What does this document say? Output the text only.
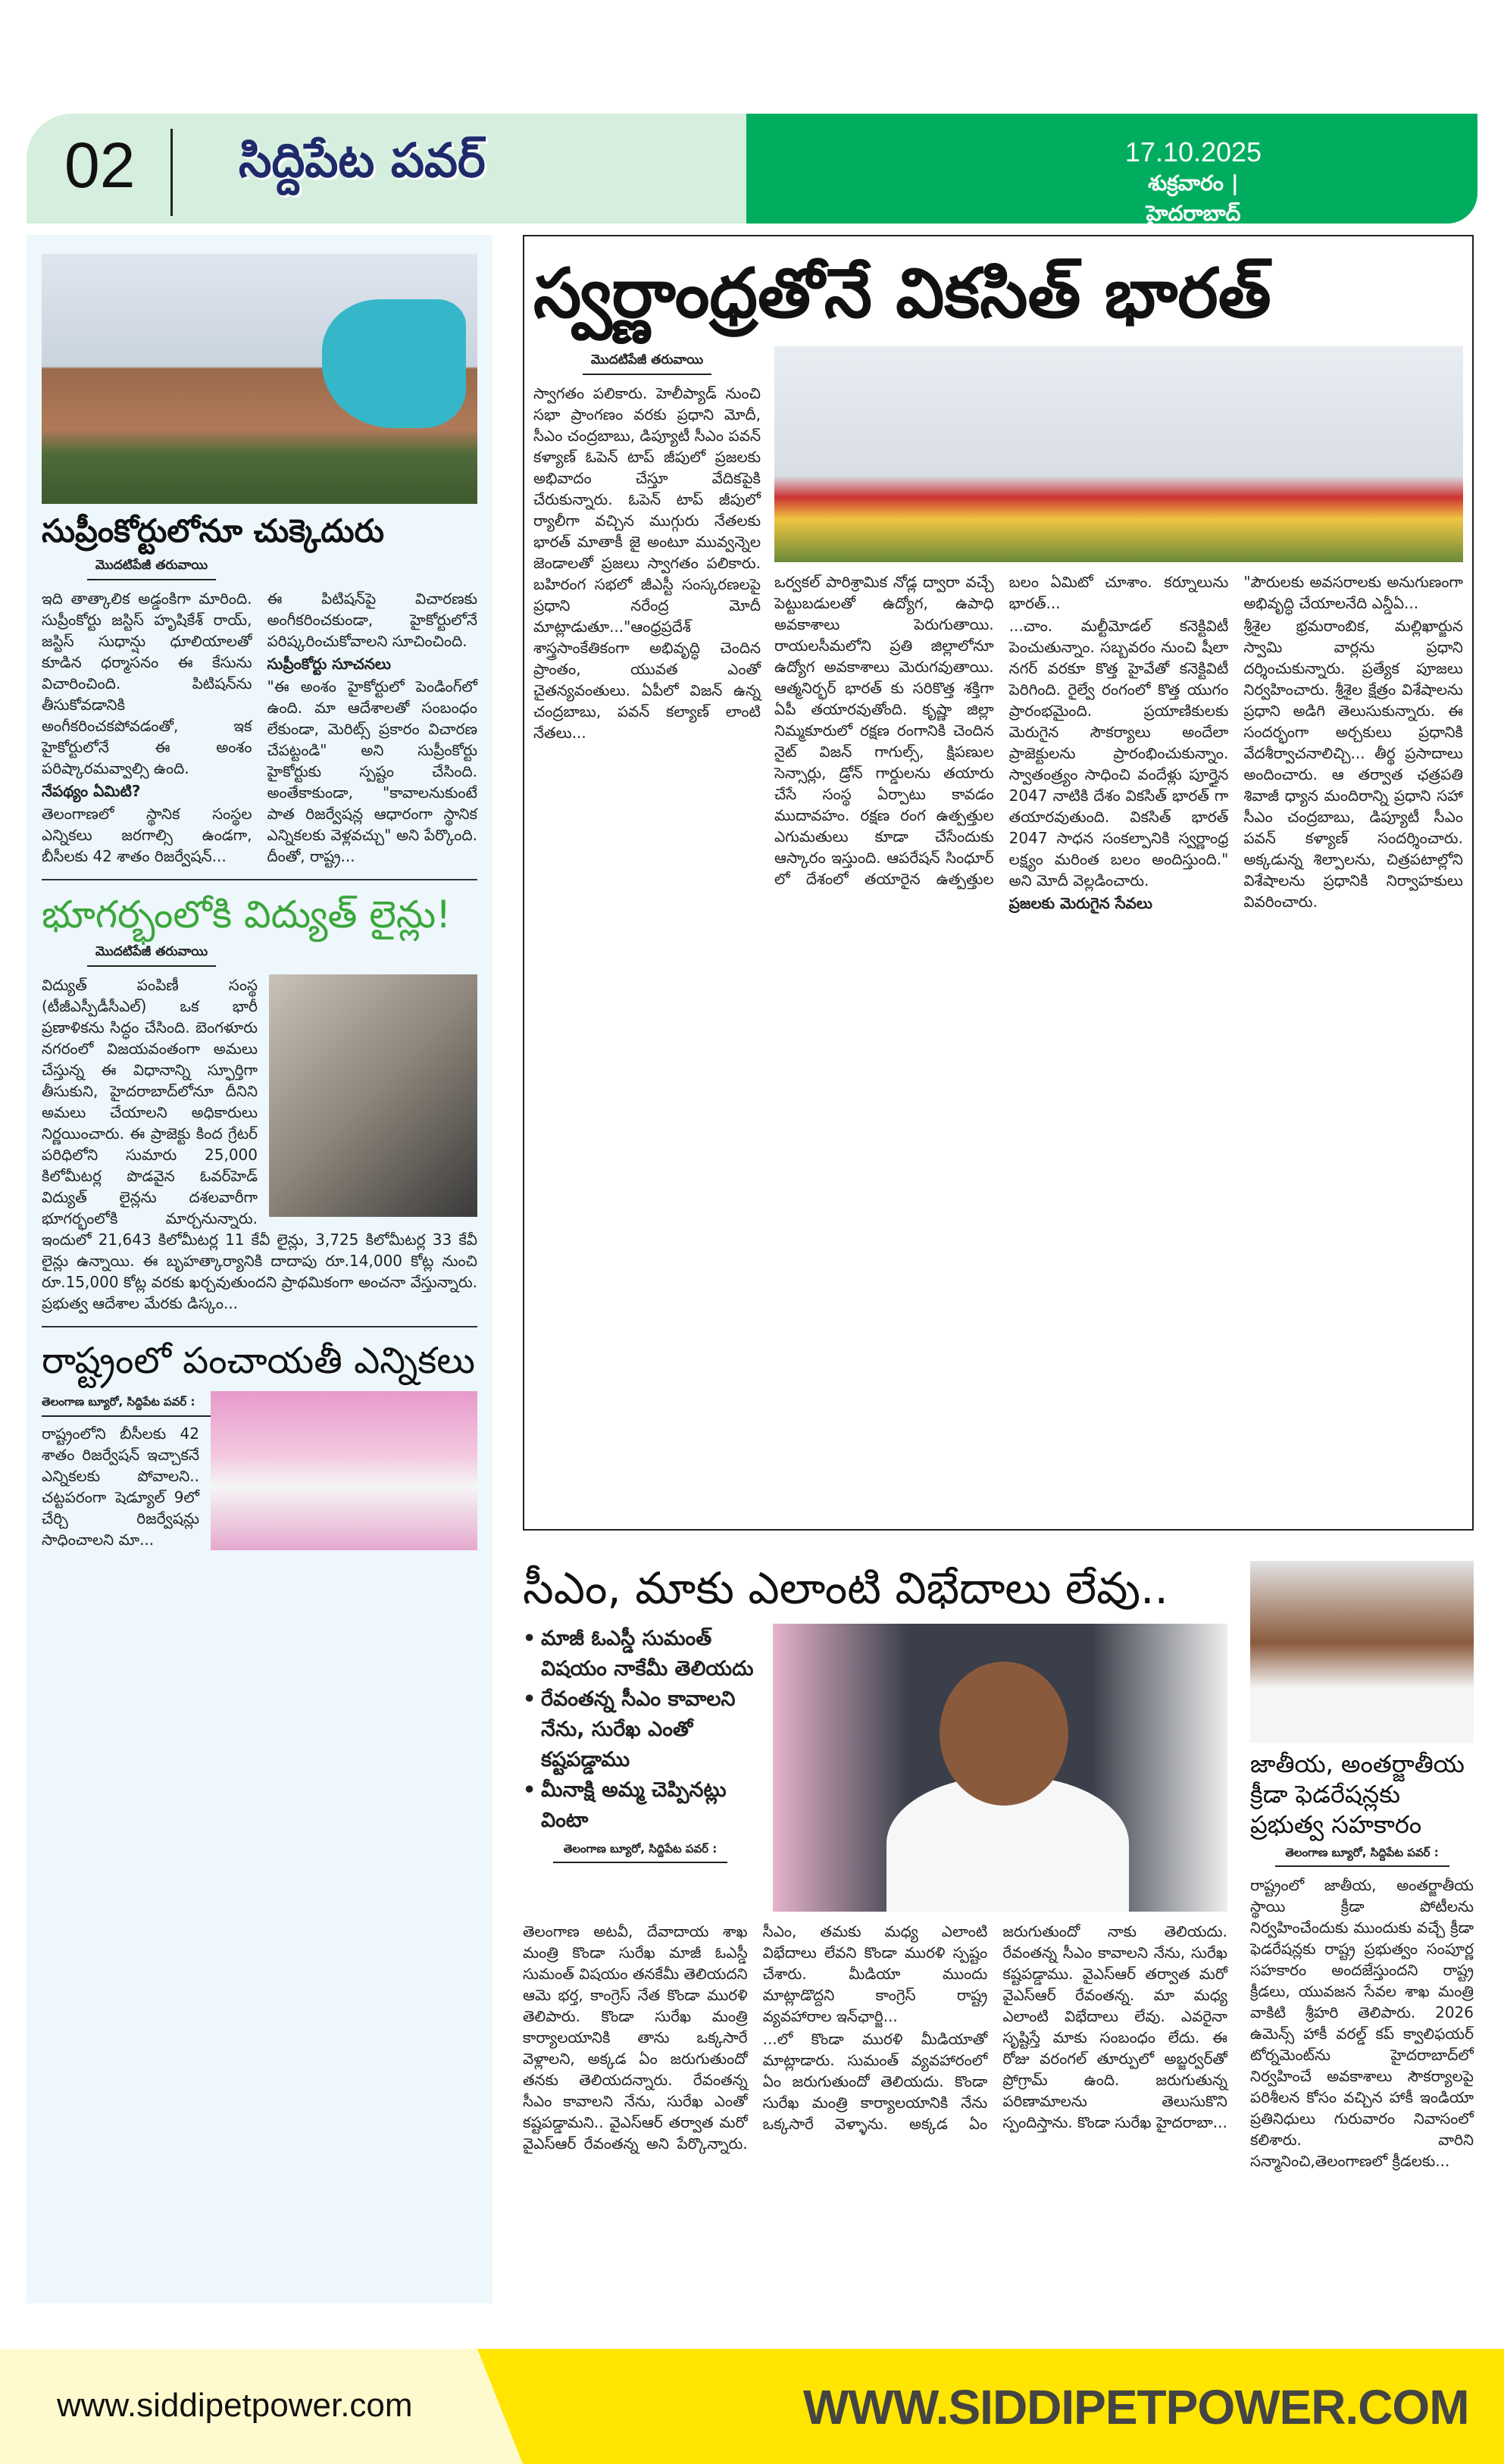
02 సిద్దిపేట పవర్	17.10.2025
శుక్రవారం | హైదరాబాద్
సుప్రీంకోర్టులోనూ చుక్కెదురు
మొదటిపేజీ తరువాయి

ఇది తాత్కాలిక అడ్డంకిగా మారింది. సుప్రీంకోర్టు జస్టిస్ హృషికేశ్ రాయ్, జస్టిస్ సుధాన్షు ధూలియాలతో కూడిన ధర్మాసనం ఈ కేసును విచారించింది. పిటిషన్‌ను తీసుకోవడానికి అంగీకరించకపోవడంతో, ఇక హైకోర్టులోనే ఈ అంశం పరిష్కారమవ్వాల్సి ఉంది.

నేపథ్యం ఏమిటి?

తెలంగాణలో స్థానిక సంస్థల ఎన్నికలు జరగాల్సి ఉండగా, బీసీలకు 42 శాతం రిజర్వేషన్...

ఈ పిటిషన్‌పై విచారణకు అంగీకరించకుండా, హైకోర్టులోనే పరిష్కరించుకోవాలని సూచించింది.

సుప్రీంకోర్టు సూచనలు

"ఈ అంశం హైకోర్టులో పెండింగ్‌లో ఉంది. మా ఆదేశాలతో సంబంధం లేకుండా, మెరిట్స్ ప్రకారం విచారణ చేపట్టండి" అని సుప్రీంకోర్టు హైకోర్టుకు స్పష్టం చేసింది. అంతేకాకుండా, "కావాలనుకుంటే పాత రిజర్వేషన్ల ఆధారంగా స్థానిక ఎన్నికలకు వెళ్లవచ్చు" అని పేర్కొంది. దీంతో, రాష్ట్ర...

భూగర్భంలోకి విద్యుత్ లైన్లు!
మొదటిపేజీ తరువాయి

విద్యుత్ పంపిణీ సంస్థ (టీజీఎస్పీడీసీఎల్) ఒక భారీ ప్రణాళికను సిద్ధం చేసింది. బెంగళూరు నగరంలో విజయవంతంగా అమలు చేస్తున్న ఈ విధానాన్ని స్ఫూర్తిగా తీసుకుని, హైదరాబాద్‌లోనూ దీనిని అమలు చేయాలని అధికారులు నిర్ణయించారు. ఈ ప్రాజెక్టు కింద గ్రేటర్ పరిధిలోని సుమారు 25,000 కిలోమీటర్ల పొడవైన ఓవర్‌హెడ్ విద్యుత్ లైన్లను దశలవారీగా భూగర్భంలోకి మార్చనున్నారు. ఇందులో 21,643 కిలోమీటర్ల 11 కేవీ లైన్లు, 3,725 కిలోమీటర్ల 33 కేవీ లైన్లు ఉన్నాయి. ఈ బృహత్కార్యానికి దాదాపు రూ.14,000 కోట్ల నుంచి రూ.15,000 కోట్ల వరకు ఖర్చవుతుందని ప్రాథమికంగా అంచనా వేస్తున్నారు. ప్రభుత్వ ఆదేశాల మేరకు డిస్కం...

రాష్ట్రంలో పంచాయతీ ఎన్నికలు
తెలంగాణ బ్యూరో, సిద్దిపేట పవర్ :

రాష్ట్రంలోని బీసీలకు 42 శాతం రిజర్వేషన్ ఇచ్చాకనే ఎన్నికలకు పోవాలని.. చట్టపరంగా షెడ్యూల్ 9లో చేర్చి రిజర్వేషన్లు సాధించాలని మా...

స్వర్ణాంధ్రతోనే వికసిత్ భారత్
మొదటిపేజీ తరువాయి

స్వాగతం పలికారు. హెలీప్యాడ్ నుంచి సభా ప్రాంగణం వరకు ప్రధాని మోదీ, సీఎం చంద్రబాబు, డిప్యూటీ సీఎం పవన్ కళ్యాణ్ ఓపెన్ టాప్ జీపులో ప్రజలకు అభివాదం చేస్తూ వేదికపైకి చేరుకున్నారు. ఓపెన్ టాప్ జీపులో ర్యాలీగా వచ్చిన ముగ్గురు నేతలకు భారత్ మాతాకీ జై అంటూ మువ్వన్నెల జెండాలతో ప్రజలు స్వాగతం పలికారు. బహిరంగ సభలో జీఎస్టీ సంస్కరణలపై ప్రధాని నరేంద్ర మోదీ మాట్లాడుతూ..."ఆంధ్రప్రదేశ్ శాస్త్రసాంకేతికంగా అభివృద్ధి చెందిన ప్రాంతం, యువత ఎంతో చైతన్యవంతులు. ఏపీలో విజన్ ఉన్న చంద్రబాబు, పవన్ కల్యాణ్ లాంటి నేతలు...

ఒర్వకల్ పారిశ్రామిక నోడ్ల ద్వారా వచ్చే పెట్టుబడులతో ఉద్యోగ, ఉపాధి అవకాశాలు పెరుగుతాయి. రాయలసీమలోని ప్రతి జిల్లాలోనూ ఉద్యోగ అవకాశాలు మెరుగవుతాయి. ఆత్మనిర్భర్ భారత్ కు సరికొత్త శక్తిగా ఏపీ తయారవుతోంది. కృష్ణా జిల్లా నిమ్మకూరులో రక్షణ రంగానికి చెందిన నైట్ విజన్ గాగుల్స్, క్షిపణుల సెన్సార్లు, డ్రోన్ గార్డులను తయారు చేసే సంస్థ ఏర్పాటు కావడం ముదావహం. రక్షణ రంగ ఉత్పత్తుల ఎగుమతులు కూడా చేసేందుకు ఆస్కారం ఇస్తుంది. ఆపరేషన్ సింధూర్ లో దేశంలో తయారైన ఉత్పత్తుల బలం ఏమిటో చూశాం. కర్నూలును భారత్...

...చాం. మల్టీమోడల్ కనెక్టివిటీ పెంచుతున్నాం. సబ్బవరం నుంచి షీలా నగర్ వరకూ కొత్త హైవేతో కనెక్టివిటీ పెరిగింది. రైల్వే రంగంలో కొత్త యుగం ప్రారంభమైంది. ప్రయాణికులకు మెరుగైన సౌకర్యాలు అందేలా ప్రాజెక్టులను ప్రారంభించుకున్నాం. స్వాతంత్ర్యం సాధించి వందేళ్లు పూర్తైన 2047 నాటికి దేశం వికసిత్ భారత్ గా తయారవుతుంది. వికసిత్ భారత్ 2047 సాధన సంకల్పానికి స్వర్ణాంధ్ర లక్ష్యం మరింత బలం అందిస్తుంది." అని మోదీ వెల్లడించారు.

ప్రజలకు మెరుగైన సేవలు

"పౌరులకు అవసరాలకు అనుగుణంగా అభివృద్ధి చేయాలనేది ఎన్డీఏ...

శ్రీశైల భ్రమరాంబిక, మల్లిఖార్జున స్వామి వార్లను ప్రధాని దర్శించుకున్నారు. ప్రత్యేక పూజలు నిర్వహించారు. శ్రీశైల క్షేత్రం విశేషాలను ప్రధాని అడిగి తెలుసుకున్నారు. ఈ సందర్భంగా అర్చకులు ప్రధానికి వేదశీర్వాచనాలిచ్చి... తీర్థ ప్రసాదాలు అందించారు. ఆ తర్వాత ఛత్రపతి శివాజీ ధ్యాన మందిరాన్ని ప్రధాని సహా సీఎం చంద్రబాబు, డిప్యూటీ సీఎం పవన్ కళ్యాణ్ సందర్శించారు. అక్కడున్న శిల్పాలను, చిత్రపటాల్లోని విశేషాలను ప్రధానికి నిర్వాహకులు వివరించారు.

సీఎం, మాకు ఎలాంటి విభేదాలు లేవు..
• మాజీ ఓఎస్డీ సుమంత్ విషయం నాకేమీ తెలియదు
• రేవంతన్న సీఎం కావాలని నేను, సురేఖ ఎంతో కష్టపడ్డాము
• మీనాక్షి అమ్మ చెప్పినట్లు వింటా
తెలంగాణ బ్యూరో, సిద్దిపేట పవర్ :

తెలంగాణ అటవీ, దేవాదాయ శాఖ మంత్రి కొండా సురేఖ మాజీ ఓఎస్డీ సుమంత్ విషయం తనకేమీ తెలియదని ఆమె భర్త, కాంగ్రెస్ నేత కొండా మురళి తెలిపారు. కొండా సురేఖ మంత్రి కార్యాలయానికి తాను ఒక్కసారే వెళ్లాలని, అక్కడ ఏం జరుగుతుందో తనకు తెలియదన్నారు. రేవంతన్న సీఎం కావాలని నేను, సురేఖ ఎంతో కష్టపడ్డామని.. వైఎస్ఆర్ తర్వాత మరో వైఎస్ఆర్ రేవంతన్న అని పేర్కొన్నారు. సీఎం, తమకు మధ్య ఎలాంటి విభేదాలు లేవని కొండా మురళి స్పష్టం చేశారు. మీడియా ముందు మాట్లాడొద్దని కాంగ్రెస్ రాష్ట్ర వ్యవహారాల ఇన్‌ఛార్జి...

...లో కొండా మురళి మీడియాతో మాట్లాడారు. సుమంత్ వ్యవహారంలో ఏం జరుగుతుందో తెలియదు. కొండా సురేఖ మంత్రి కార్యాలయానికి నేను ఒక్కసారే వెళ్ళాను. అక్కడ ఏం జరుగుతుందో నాకు తెలియదు. రేవంతన్న సీఎం కావాలని నేను, సురేఖ కష్టపడ్డాము. వైఎస్ఆర్ తర్వాత మరో వైఎస్ఆర్ రేవంతన్న. మా మధ్య ఎలాంటి విభేదాలు లేవు. ఎవరైనా సృష్టిస్తే మాకు సంబంధం లేదు. ఈ రోజు వరంగల్ తూర్పులో అబ్జర్వర్‌తో ప్రోగ్రామ్ ఉంది. జరుగుతున్న పరిణామాలను తెలుసుకొని స్పందిస్తాను. కొండా సురేఖ హైదరాబా...

జాతీయ, అంతర్జాతీయ క్రీడా ఫెడరేషన్లకు ప్రభుత్వ సహకారం
తెలంగాణ బ్యూరో, సిద్దిపేట పవర్ :

రాష్ట్రంలో జాతీయ, అంతర్జాతీయ స్థాయి క్రీడా పోటీలను నిర్వహించేందుకు ముందుకు వచ్చే క్రీడా ఫెడరేషన్లకు రాష్ట్ర ప్రభుత్వం సంపూర్ణ సహకారం అందజేస్తుందని రాష్ట్ర క్రీడలు, యువజన సేవల శాఖ మంత్రి వాకిటి శ్రీహరి తెలిపారు. 2026 ఉమెన్స్ హాకీ వరల్డ్ కప్ క్వాలిఫయర్ టోర్నమెంట్‌ను హైదరాబాద్‌లో నిర్వహించే అవకాశాలు సౌకర్యాలపై పరిశీలన కోసం వచ్చిన హాకీ ఇండియా ప్రతినిధులు గురువారం నివాసంలో కలిశారు. వారిని సన్మానించి,తెలంగాణలో క్రీడలకు...

www.siddipetpower.com	WWW.SIDDIPETPOWER.COM
